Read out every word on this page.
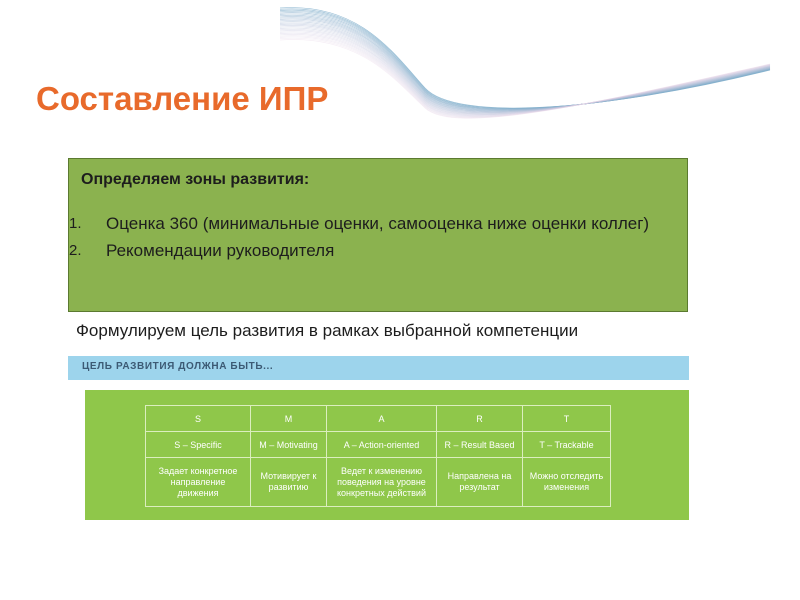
Составление ИПР
Определяем зоны развития:
1. Оценка 360 (минимальные оценки, самооценка ниже оценки коллег)
2. Рекомендации руководителя
Формулируем цель развития в рамках выбранной компетенции
ЦЕЛЬ РАЗВИТИЯ ДОЛЖНА БЫТЬ...
S	M	A	R	T
S – Specific	M – Motivating	A – Action-oriented	R – Result Based	T – Trackable
Задает конкретное направление движения	Мотивирует к развитию	Ведет к изменению поведения на уровне конкретных действий	Направлена на результат	Можно отследить изменения
